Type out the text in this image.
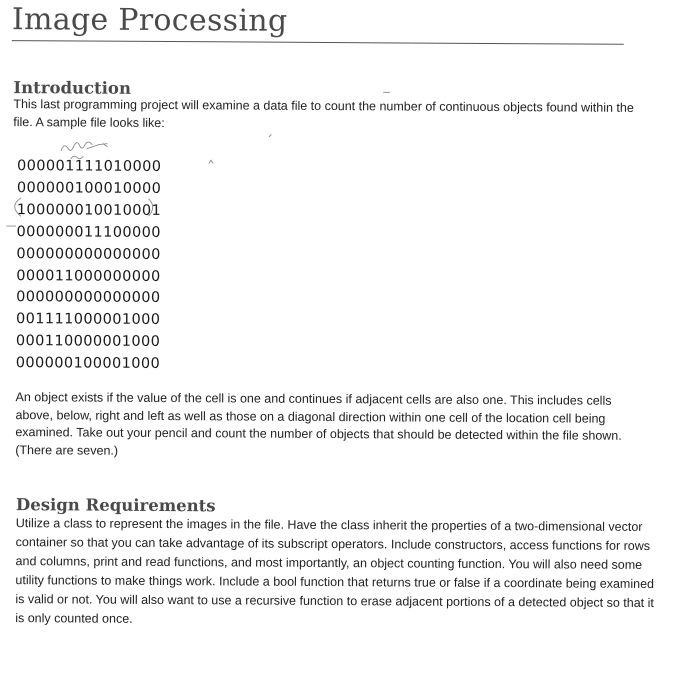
Image Processing
Introduction

This last programming project will examine a data file to count the number of continuous objects found within the file. A sample file looks like:

000001111010000
000000100010000
100000010010001
000000011100000
000000000000000
000011000000000
000000000000000
001111000001000
000110000001000
000000100001000

An object exists if the value of the cell is one and continues if adjacent cells are also one. This includes cells above, below, right and left as well as those on a diagonal direction within one cell of the location cell being examined. Take out your pencil and count the number of objects that should be detected within the file shown. (There are seven.)

Design Requirements

Utilize a class to represent the images in the file. Have the class inherit the properties of a two-dimensional vector container so that you can take advantage of its subscript operators. Include constructors, access functions for rows and columns, print and read functions, and most importantly, an object counting function. You will also need some utility functions to make things work. Include a bool function that returns true or false if a coordinate being examined is valid or not. You will also want to use a recursive function to erase adjacent portions of a detected object so that it is only counted once.
